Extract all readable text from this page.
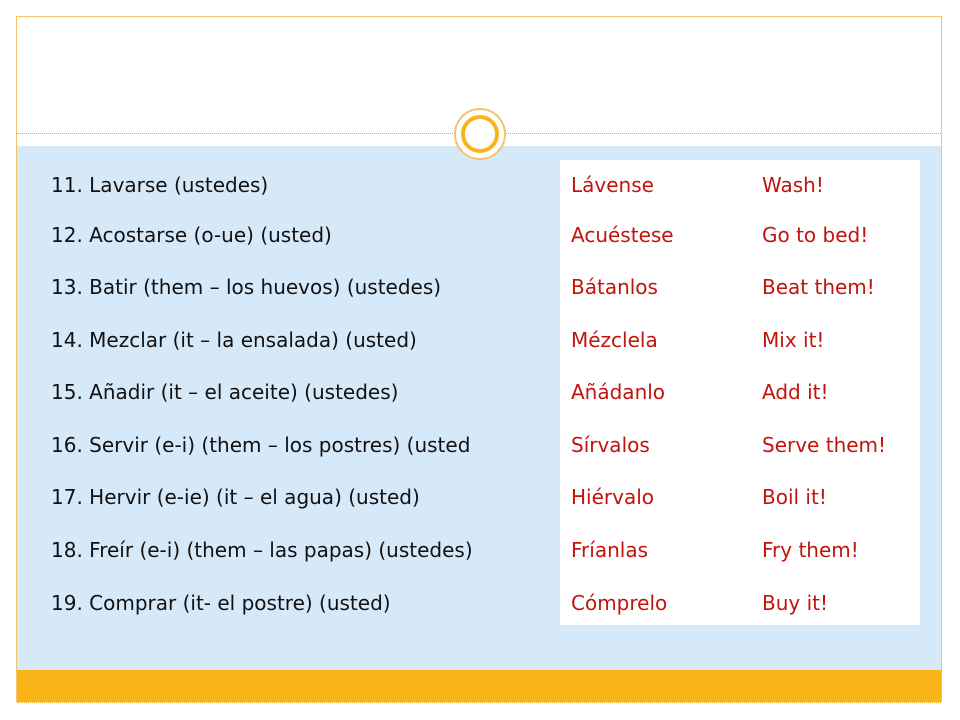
11. Lavarse (ustedes)	Lávense	Wash!
12. Acostarse (o-ue) (usted)	Acuéstese	Go to bed!
13. Batir (them – los huevos) (ustedes)	Bátanlos	Beat them!
14. Mezclar (it – la ensalada) (usted)	Mézclela	Mix it!
15. Añadir (it – el aceite) (ustedes)	Añádanlo	Add it!
16. Servir (e-i) (them – los postres) (usted	Sírvalos	Serve them!
17. Hervir (e-ie) (it – el agua) (usted)	Hiérvalo	Boil it!
18. Freír (e-i) (them – las papas) (ustedes)	Fríanlas	Fry them!
19. Comprar (it- el postre) (usted)	Cómprelo	Buy it!
